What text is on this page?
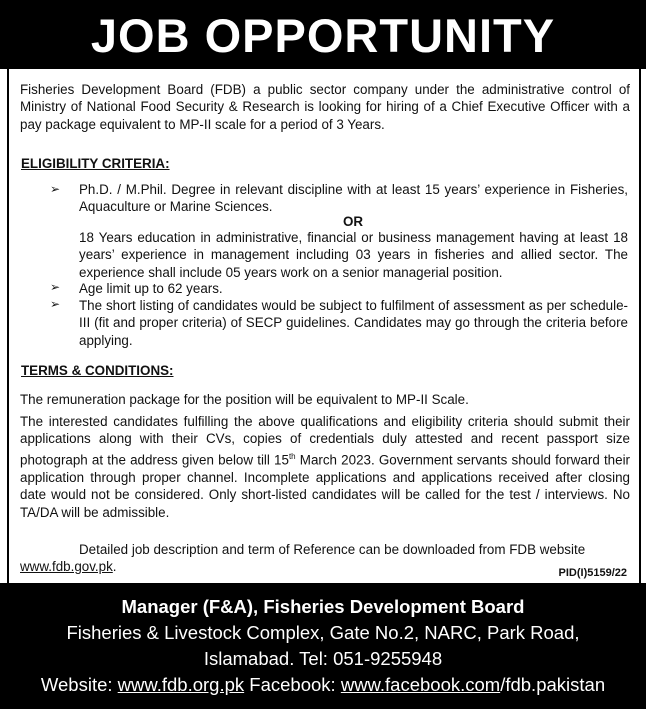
JOB OPPORTUNITY
Fisheries Development Board (FDB) a public sector company under the administrative control of Ministry of National Food Security & Research is looking for hiring of a Chief Executive Officer with a pay package equivalent to MP-II scale for a period of 3 Years.
ELIGIBILITY CRITERIA:
➢ Ph.D. / M.Phil. Degree in relevant discipline with at least 15 years’ experience in Fisheries, Aquaculture or Marine Sciences.
OR
18 Years education in administrative, financial or business management having at least 18 years’ experience in management including 03 years in fisheries and allied sector. The experience shall include 05 years work on a senior managerial position.
➢ Age limit up to 62 years.
➢ The short listing of candidates would be subject to fulfilment of assessment as per schedule- III (fit and proper criteria) of SECP guidelines. Candidates may go through the criteria before applying.
TERMS & CONDITIONS:
The remuneration package for the position will be equivalent to MP-II Scale.
The interested candidates fulfilling the above qualifications and eligibility criteria should submit their applications along with their CVs, copies of credentials duly attested and recent passport size photograph at the address given below till 15th March 2023. Government servants should forward their application through proper channel. Incomplete applications and applications received after closing date would not be considered. Only short-listed candidates will be called for the test / interviews. No TA/DA will be admissible.
Detailed job description and term of Reference can be downloaded from FDB website
www.fdb.gov.pk.	PID(I)5159/22
Manager (F&A), Fisheries Development Board
Fisheries & Livestock Complex, Gate No.2, NARC, Park Road,
Islamabad. Tel: 051-9255948
Website: www.fdb.org.pk Facebook: www.facebook.com/fdb.pakistan
